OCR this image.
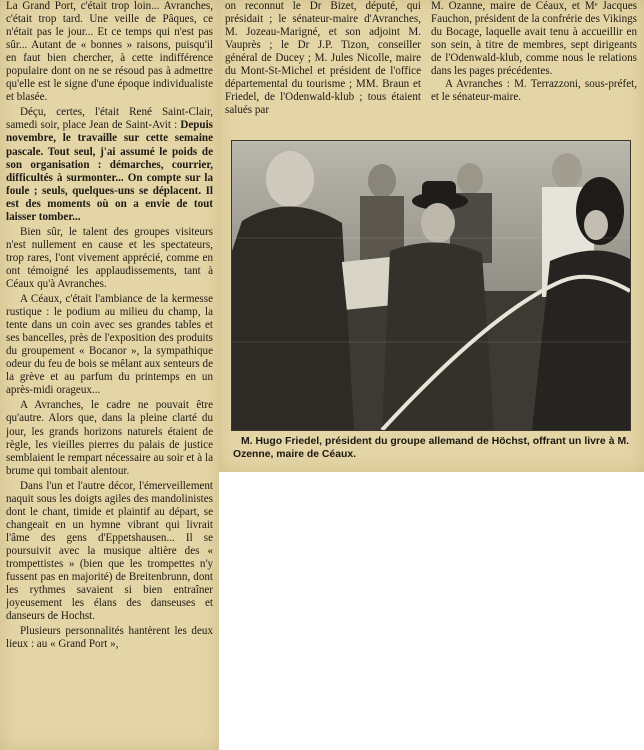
La Grand Port, c'était trop loin... Avranches, c'était trop tard. Une veille de Pâques, ce n'était pas le jour... Et ce temps qui n'est pas sûr... Autant de « bonnes » raisons, puisqu'il en faut bien chercher, à cette indifférence populaire dont on ne se résoud pas à admettre qu'elle est le signe d'une époque individualiste et blasée.

Déçu, certes, l'était René Saint-Clair, samedi soir, place Jean de Saint-Avit : Depuis novembre, le travaille sur cette semaine pascale. Tout seul, j'ai assumé le poids de son organisation : démarches, courrier, difficultés à surmonter... On compte sur la foule ; seuls, quelques-uns se déplacent. Il est des moments où on a envie de tout laisser tomber...

Bien sûr, le talent des groupes visiteurs n'est nullement en cause et les spectateurs, trop rares, l'ont vivement apprécié, comme en ont témoigné les applaudissements, tant à Céaux qu'à Avranches.

A Céaux, c'était l'ambiance de la kermesse rustique : le podium au milieu du champ, la tente dans un coin avec ses grandes tables et ses bancelles, près de l'exposition des produits du groupement « Bocanor », la sympathique odeur du feu de bois se mêlant aux senteurs de la grève et au parfum du printemps en un après-midi orageux...

A Avranches, le cadre ne pouvait être qu'autre. Alors que, dans la pleine clarté du jour, les grands horizons naturels étaient de règle, les vieilles pierres du palais de justice semblaient le rempart nécessaire au soir et à la brume qui tombait alentour.

Dans l'un et l'autre décor, l'émerveillement naquit sous les doigts agiles des mandolinistes dont le chant, timide et plaintif au départ, se changeait en un hymne vibrant qui livrait l'âme des gens d'Eppetshausen... Il se poursuivit avec la musique altière des « trompettistes » (bien que les trompettes n'y fussent pas en majorité) de Breitenbrunn, dont les rythmes savaient si bien entraîner joyeusement les élans des danseuses et danseurs de Hochst.

Plusieurs personnalités hantèrent les deux lieux : au « Grand Port »,

on reconnut le Dr Bizet, député, qui présidait ; le sénateur-maire d'Avranches, M. Jozeau-Marigné, et son adjoint M. Vauprès ; le Dr J.P. Tizon, conseiller général de Ducey ; M. Jules Nicolle, maire du Mont-St-Michel et président de l'office départemental du tourisme ; MM. Braun et Friedel, de l'Odenwald-klub ; tous étaient salués par

M. Ozanne, maire de Céaux, et Mᵉ Jacques Fauchon, président de la confrérie des Vikings du Bocage, laquelle avait tenu à accueillir en son sein, à titre de membres, sept dirigeants de l'Odenwald-klub, comme nous le relations dans les pages précédentes.

A Avranches : M. Terrazzoni, sous-préfet, et le sénateur-maire.

M. Hugo Friedel, président du groupe allemand de Höchst, offrant un livre à M. Ozenne, maire de Céaux.
